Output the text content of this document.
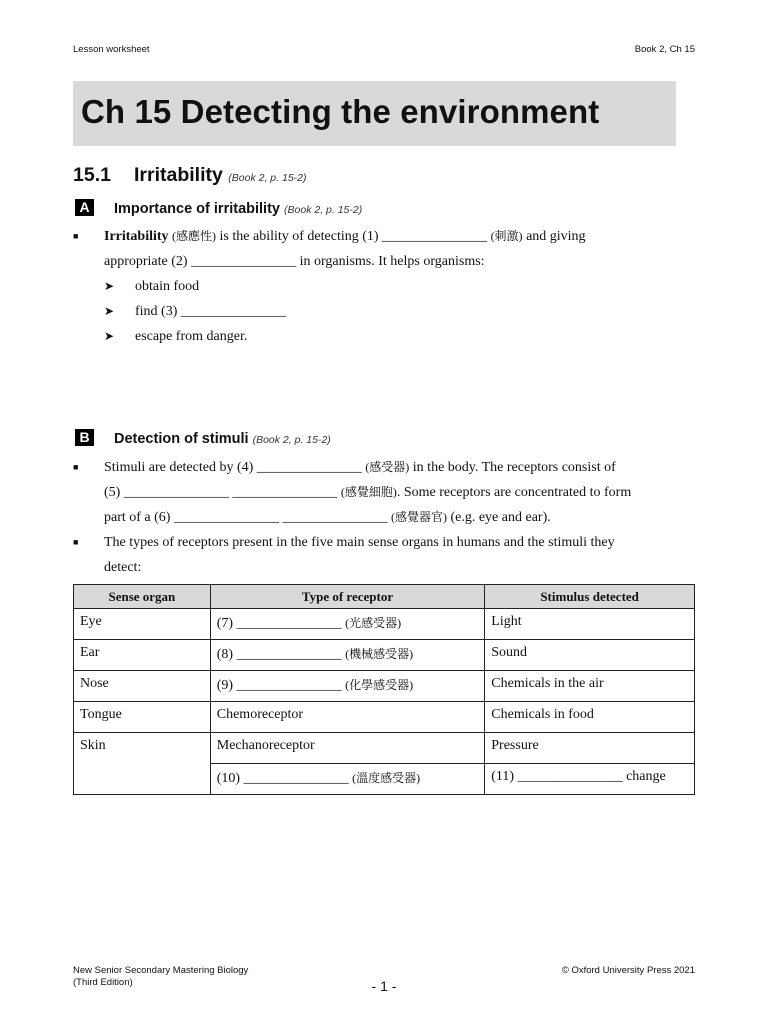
Lesson worksheet	Book 2, Ch 15
Ch 15 Detecting the environment
15.1 Irritability (Book 2, p. 15-2)
A Importance of irritability (Book 2, p. 15-2)
■	Irritability (感應性) is the ability of detecting (1) _______________ (刺激) and giving
appropriate (2) _______________ in organisms. It helps organisms:
➤ obtain food
➤ find (3) _______________
➤ escape from danger.
B Detection of stimuli (Book 2, p. 15-2)
■	Stimuli are detected by (4) _______________ (感受器) in the body. The receptors consist of
(5) _______________ _______________ (感覺細胞). Some receptors are concentrated to form
part of a (6) _______________ _______________ (感覺器官) (e.g. eye and ear).
■	The types of receptors present in the five main sense organs in humans and the stimuli they
detect:
Sense organ	Type of receptor	Stimulus detected
Eye	(7) _______________ (光感受器)	Light
Ear	(8) _______________ (機械感受器)	Sound
Nose	(9) _______________ (化學感受器)	Chemicals in the air
Tongue	Chemoreceptor	Chemicals in food
Skin	Mechanoreceptor	Pressure
	(10) _______________ (溫度感受器)	(11) _______________ change
New Senior Secondary Mastering Biology
(Third Edition)
© Oxford University Press 2021
- 1 -
